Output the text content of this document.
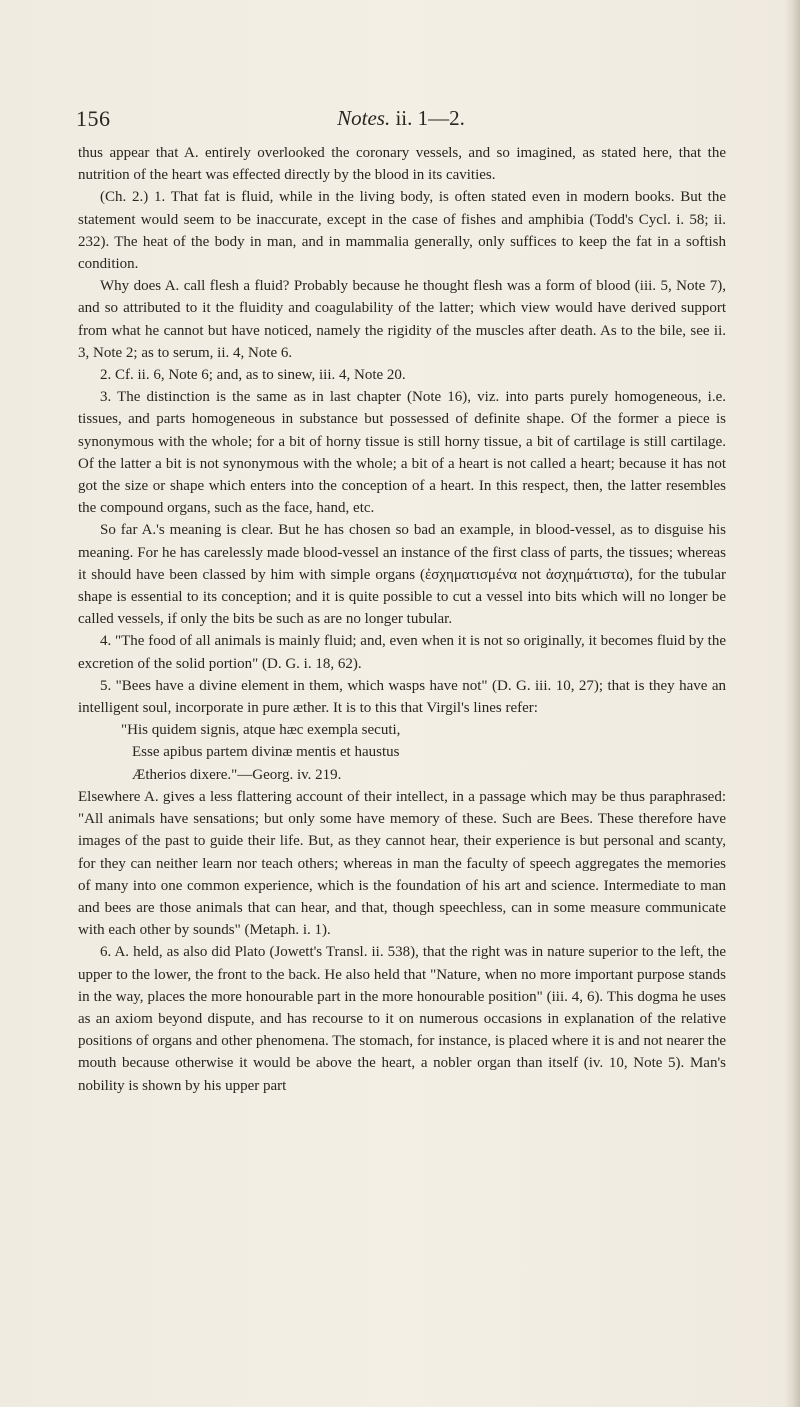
156	Notes. ii. 1—2.

thus appear that A. entirely overlooked the coronary vessels, and so imagined, as stated here, that the nutrition of the heart was effected directly by the blood in its cavities.

(Ch. 2.) 1. That fat is fluid, while in the living body, is often stated even in modern books. But the statement would seem to be inaccurate, except in the case of fishes and amphibia (Todd's Cycl. i. 58; ii. 232). The heat of the body in man, and in mammalia generally, only suffices to keep the fat in a softish condition.

Why does A. call flesh a fluid? Probably because he thought flesh was a form of blood (iii. 5, Note 7), and so attributed to it the fluidity and coagulability of the latter; which view would have derived support from what he cannot but have noticed, namely the rigidity of the muscles after death. As to the bile, see ii. 3, Note 2; as to serum, ii. 4, Note 6.

2. Cf. ii. 6, Note 6; and, as to sinew, iii. 4, Note 20.

3. The distinction is the same as in last chapter (Note 16), viz. into parts purely homogeneous, i.e. tissues, and parts homogeneous in substance but possessed of definite shape. Of the former a piece is synonymous with the whole; for a bit of horny tissue is still horny tissue, a bit of cartilage is still cartilage. Of the latter a bit is not synonymous with the whole; a bit of a heart is not called a heart; because it has not got the size or shape which enters into the conception of a heart. In this respect, then, the latter resembles the compound organs, such as the face, hand, etc.

So far A.'s meaning is clear. But he has chosen so bad an example, in blood-vessel, as to disguise his meaning. For he has carelessly made blood-vessel an instance of the first class of parts, the tissues; whereas it should have been classed by him with simple organs (ἐσχηματισμένα not ἀσχημάτιστα), for the tubular shape is essential to its conception; and it is quite possible to cut a vessel into bits which will no longer be called vessels, if only the bits be such as are no longer tubular.

4. "The food of all animals is mainly fluid; and, even when it is not so originally, it becomes fluid by the excretion of the solid portion" (D. G. i. 18, 62).

5. "Bees have a divine element in them, which wasps have not" (D. G. iii. 10, 27); that is they have an intelligent soul, incorporate in pure æther. It is to this that Virgil's lines refer:

"His quidem signis, atque hæc exempla secuti,
Esse apibus partem divinæ mentis et haustus
Ætherios dixere."—Georg. iv. 219.

Elsewhere A. gives a less flattering account of their intellect, in a passage which may be thus paraphrased: "All animals have sensations; but only some have memory of these. Such are Bees. These therefore have images of the past to guide their life. But, as they cannot hear, their experience is but personal and scanty, for they can neither learn nor teach others; whereas in man the faculty of speech aggregates the memories of many into one common experience, which is the foundation of his art and science. Intermediate to man and bees are those animals that can hear, and that, though speechless, can in some measure communicate with each other by sounds" (Metaph. i. 1).

6. A. held, as also did Plato (Jowett's Transl. ii. 538), that the right was in nature superior to the left, the upper to the lower, the front to the back. He also held that "Nature, when no more important purpose stands in the way, places the more honourable part in the more honourable position" (iii. 4, 6). This dogma he uses as an axiom beyond dispute, and has recourse to it on numerous occasions in explanation of the relative positions of organs and other phenomena. The stomach, for instance, is placed where it is and not nearer the mouth because otherwise it would be above the heart, a nobler organ than itself (iv. 10, Note 5). Man's nobility is shown by his upper part
